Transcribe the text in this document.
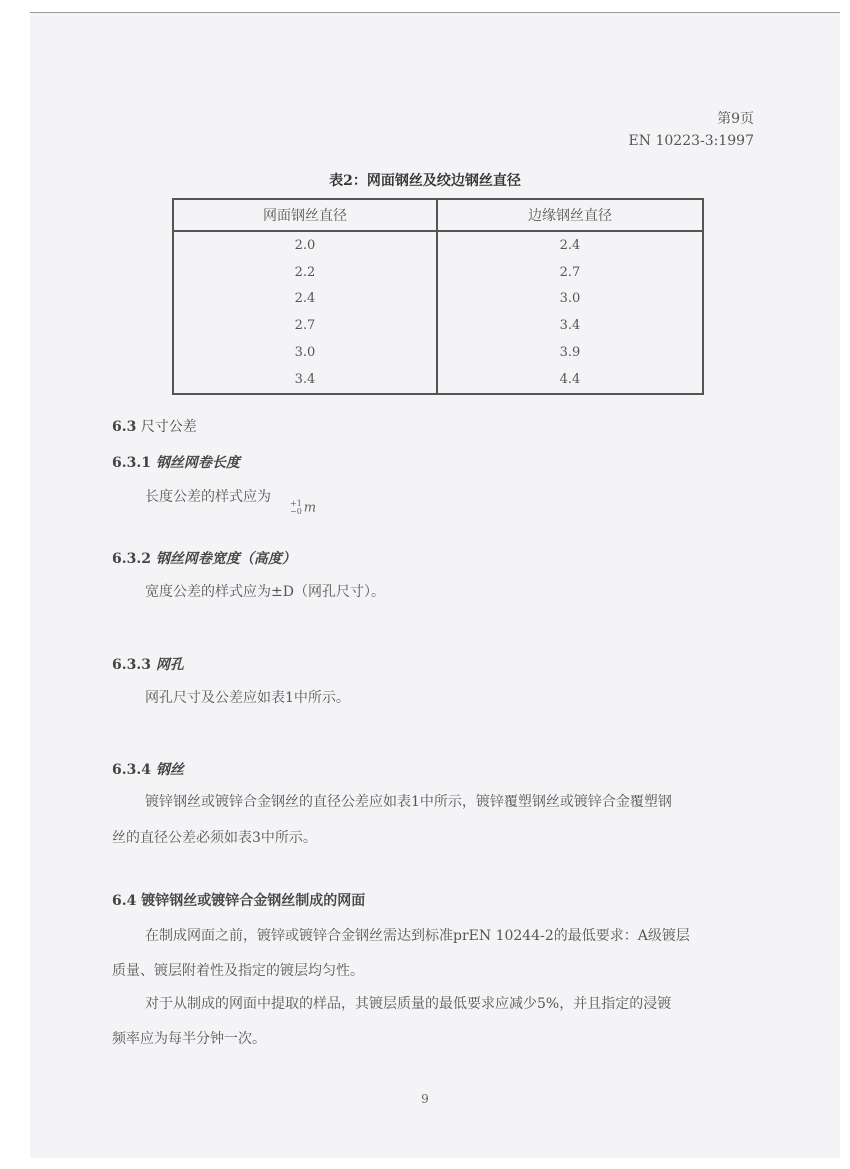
第9页
EN 10223-3:1997
表2：网面钢丝及绞边钢丝直径
网面钢丝直径	边缘钢丝直径
2.0	2.4
2.2	2.7
2.4	3.0
2.7	3.4
3.0	3.9
3.4	4.4
6.3 尺寸公差
6.3.1 钢丝网卷长度
长度公差的样式应为 +1
−0 m
6.3.2 钢丝网卷宽度（高度）
宽度公差的样式应为±D（网孔尺寸）。
6.3.3 网孔
网孔尺寸及公差应如表1中所示。
6.3.4 钢丝
镀锌钢丝或镀锌合金钢丝的直径公差应如表1中所示，镀锌覆塑钢丝或镀锌合金覆塑钢
丝的直径公差必须如表3中所示。
6.4 镀锌钢丝或镀锌合金钢丝制成的网面
在制成网面之前，镀锌或镀锌合金钢丝需达到标准prEN 10244-2的最低要求：A级镀层
质量、镀层附着性及指定的镀层均匀性。
对于从制成的网面中提取的样品，其镀层质量的最低要求应减少5%，并且指定的浸镀
频率应为每半分钟一次。
9
